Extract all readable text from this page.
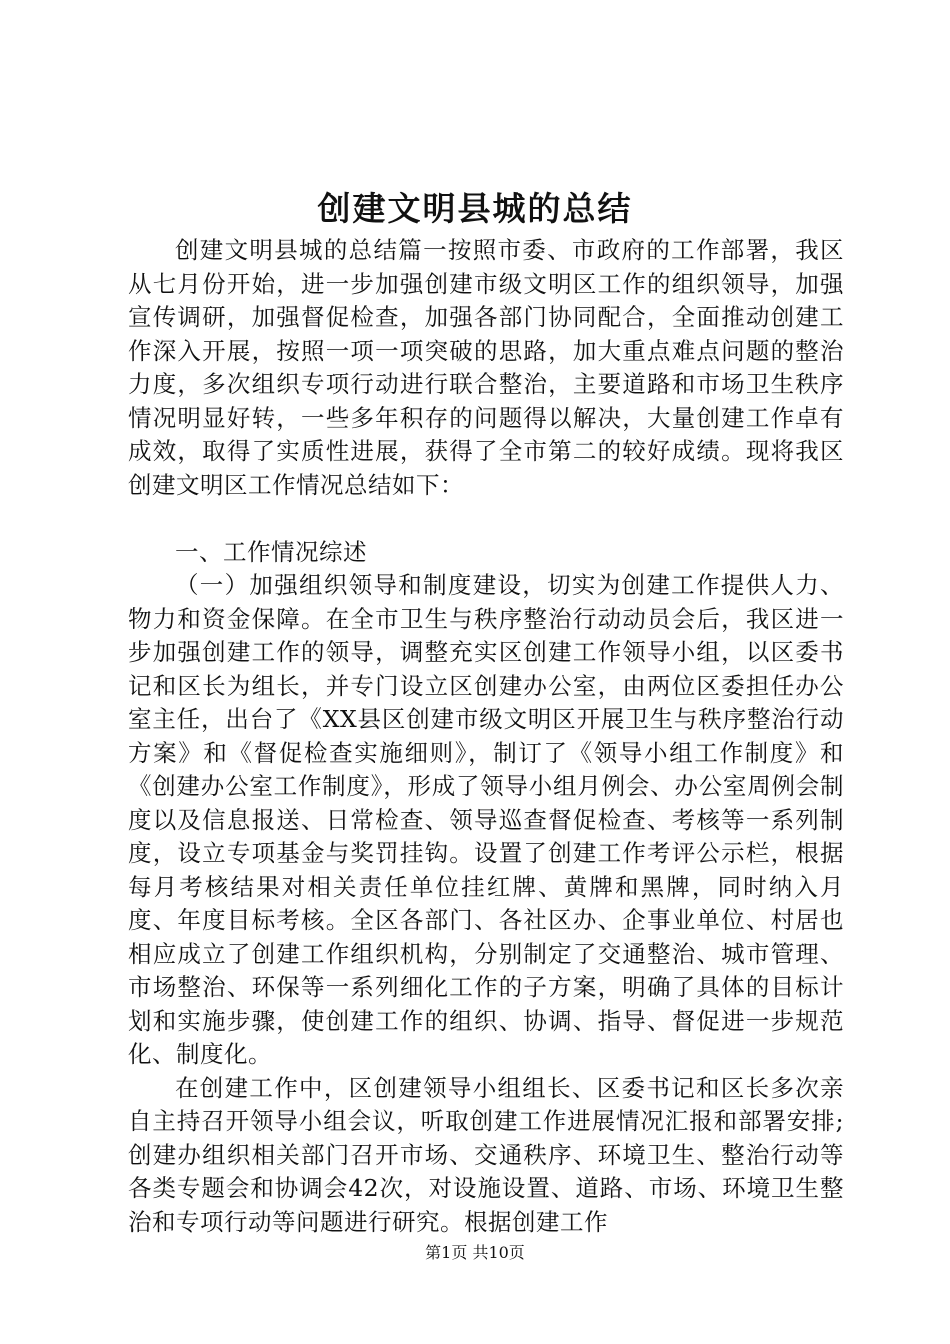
创建文明县城的总结

创建文明县城的总结篇一按照市委、市政府的工作部署，我区从七月份开始，进一步加强创建市级文明区工作的组织领导，加强宣传调研，加强督促检查，加强各部门协同配合，全面推动创建工作深入开展，按照一项一项突破的思路，加大重点难点问题的整治力度，多次组织专项行动进行联合整治，主要道路和市场卫生秩序情况明显好转，一些多年积存的问题得以解决，大量创建工作卓有成效，取得了实质性进展，获得了全市第二的较好成绩。现将我区创建文明区工作情况总结如下：

一、工作情况综述

（一）加强组织领导和制度建设，切实为创建工作提供人力、物力和资金保障。在全市卫生与秩序整治行动动员会后，我区进一步加强创建工作的领导，调整充实区创建工作领导小组，以区委书记和区长为组长，并专门设立区创建办公室，由两位区委担任办公室主任，出台了《XX县区创建市级文明区开展卫生与秩序整治行动方案》和《督促检查实施细则》，制订了《领导小组工作制度》和《创建办公室工作制度》，形成了领导小组月例会、办公室周例会制度以及信息报送、日常检查、领导巡查督促检查、考核等一系列制度，设立专项基金与奖罚挂钩。设置了创建工作考评公示栏，根据每月考核结果对相关责任单位挂红牌、黄牌和黑牌，同时纳入月度、年度目标考核。全区各部门、各社区办、企事业单位、村居也相应成立了创建工作组织机构，分别制定了交通整治、城市管理、市场整治、环保等一系列细化工作的子方案，明确了具体的目标计划和实施步骤，使创建工作的组织、协调、指导、督促进一步规范化、制度化。

在创建工作中，区创建领导小组组长、区委书记和区长多次亲自主持召开领导小组会议，听取创建工作进展情况汇报和部署安排;创建办组织相关部门召开市场、交通秩序、环境卫生、整治行动等各类专题会和协调会42次，对设施设置、道路、市场、环境卫生整治和专项行动等问题进行研究。根据创建工作

第1页 共10页
